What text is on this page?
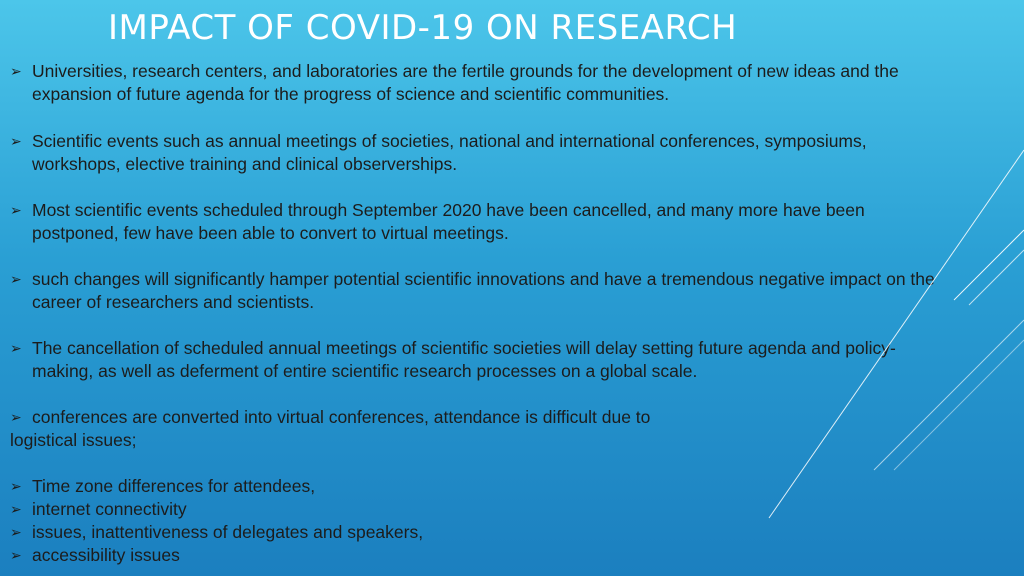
IMPACT OF COVID-19 ON RESEARCH
➢ Universities, research centers, and laboratories are the fertile grounds for the development of new ideas and the expansion of future agenda for the progress of science and scientific communities.
➢ Scientific events such as annual meetings of societies, national and international conferences, symposiums, workshops, elective training and clinical observerships.
➢ Most scientific events scheduled through September 2020 have been cancelled, and many more have been postponed, few have been able to convert to virtual meetings.
➢ such changes will significantly hamper potential scientific innovations and have a tremendous negative impact on the career of researchers and scientists.
➢ The cancellation of scheduled annual meetings of scientific societies will delay setting future agenda and policy-making, as well as deferment of entire scientific research processes on a global scale.
➢ conferences are converted into virtual conferences, attendance is difficult due to
logistical issues;
➢ Time zone differences for attendees,
➢ internet connectivity
➢ issues, inattentiveness of delegates and speakers,
➢ accessibility issues
